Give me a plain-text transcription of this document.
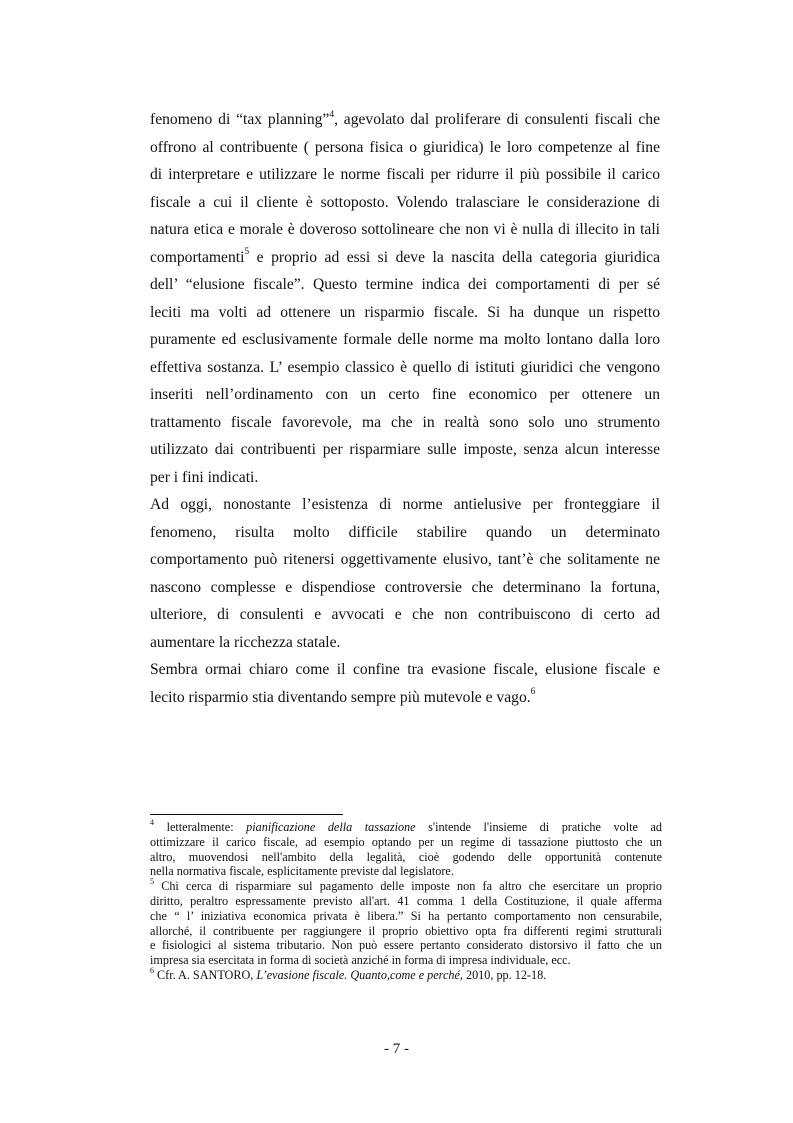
fenomeno di “tax planning”$^4$, agevolato dal proliferare di consulenti fiscali che
offrono al contribuente ( persona fisica o giuridica) le loro competenze al fine
di interpretare e utilizzare le norme fiscali per ridurre il più possibile il carico
fiscale a cui il cliente è sottoposto. Volendo tralasciare le considerazione di
natura etica e morale è doveroso sottolineare che non vi è nulla di illecito in tali
comportamenti$^5$ e proprio ad essi si deve la nascita della categoria giuridica
dell’ “elusione fiscale”. Questo termine indica dei comportamenti di per sé
leciti ma volti ad ottenere un risparmio fiscale. Si ha dunque un rispetto
puramente ed esclusivamente formale delle norme ma molto lontano dalla loro
effettiva sostanza. L’ esempio classico è quello di istituti giuridici che vengono
inseriti nell’ordinamento con un certo fine economico per ottenere un
trattamento fiscale favorevole, ma che in realtà sono solo uno strumento
utilizzato dai contribuenti per risparmiare sulle imposte, senza alcun interesse
per i fini indicati.
Ad oggi, nonostante l’esistenza di norme antielusive per fronteggiare il
fenomeno, risulta molto difficile stabilire quando un determinato
comportamento può ritenersi oggettivamente elusivo, tant’è che solitamente ne
nascono complesse e dispendiose controversie che determinano la fortuna,
ulteriore, di consulenti e avvocati e che non contribuiscono di certo ad
aumentare la ricchezza statale.
Sembra ormai chiaro come il confine tra evasione fiscale, elusione fiscale e
lecito risparmio stia diventando sempre più mutevole e vago.$^6$
$^4$ letteralmente: pianificazione della tassazione s'intende l'insieme di pratiche volte ad
ottimizzare il carico fiscale, ad esempio optando per un regime di tassazione piuttosto che un
altro, muovendosi nell'ambito della legalità, cioè godendo delle opportunità contenute
nella normativa fiscale, esplicitamente previste dal legislatore.
$^5$ Chi cerca di risparmiare sul pagamento delle imposte non fa altro che esercitare un proprio
diritto, peraltro espressamente previsto all'art. 41 comma 1 della Costituzione, il quale afferma
che “ l’ iniziativa economica privata è libera.” Si ha pertanto comportamento non censurabile,
allorché, il contribuente per raggiungere il proprio obiettivo opta fra differenti regimi strutturali
e fisiologici al sistema tributario. Non può essere pertanto considerato distorsivo il fatto che un
impresa sia esercitata in forma di società anziché in forma di impresa individuale, ecc.
$^6$ Cfr. A. SANTORO, L’evasione fiscale. Quanto,come e perché, 2010, pp. 12-18.
- 7 -
